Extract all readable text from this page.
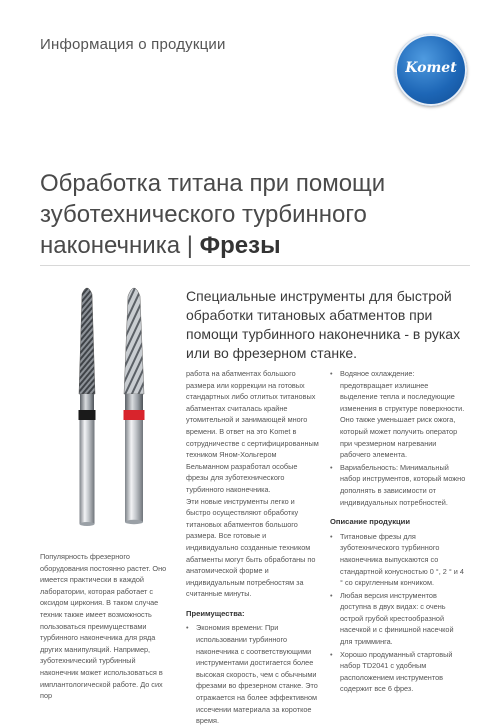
Информация о продукции
Komet
Обработка титана при помощи
зуботехнического турбинного
наконечника | Фрезы
Специальные инструменты для быстрой обработки титановых абатментов при помощи турбинного наконечника - в руках или во фрезерном станке.

Популярность фрезерного оборудования постоянно растет. Оно имеется практически в каждой лаборатории, которая работает с оксидом циркония. В таком случае техник также имеет возможность пользоваться преимуществами турбинного наконечника для ряда других манипуляций. Например, зуботехнический турбинный наконечник может использоваться в имплантологической работе. До сих пор

работа на абатментах большого размера или коррекции на готовых стандартных либо отлитых титановых абатментах считалась крайне утомительной и занимающей много времени. В ответ на это Komet в сотрудничестве с сертифицированным техником Яном-Хольгером Бельманном разработал особые фрезы для зуботехнического турбинного наконечника.

Эти новые инструменты легко и быстро осуществляют обработку титановых абатментов большого размера. Все готовые и индивидуально созданные техником абатменты могут быть обработаны по анатомической форме и индивидуальным потребностям за считанные минуты.

Преимущества:
• Экономия времени: При использовании турбинного наконечника с соответствующими инструментами достигается более высокая скорость, чем с обычными фрезами во фрезерном станке. Это отражается на более эффективном иссечении материала за короткое время.
• Водяное охлаждение: предотвращает излишнее выделение тепла и последующие изменения в структуре поверхности. Оно также уменьшает риск ожога, который может получить оператор при чрезмерном нагревании рабочего элемента.
• Вариабельность: Минимальный набор инструментов, который можно дополнять в зависимости от индивидуальных потребностей.
Описание продукции
• Титановые фрезы для зуботехнического турбинного наконечника выпускаются со стандартной конусностью 0 °, 2 ° и 4 ° со скругленным кончиком.
• Любая версия инструментов доступна в двух видах: с очень острой грубой крестообразной насечкой и с финишной насечкой для тримминга.
• Хорошо продуманный стартовый набор TD2041 с удобным расположением инструментов содержит все 6 фрез.
